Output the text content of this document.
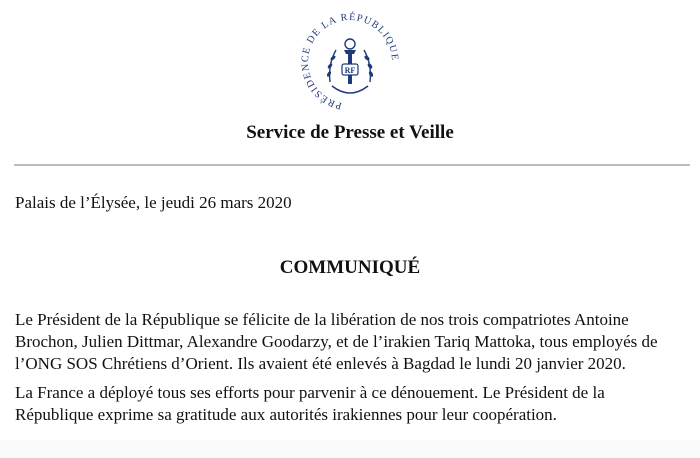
PRÉSIDENCE DE LA RÉPUBLIQUE
RF
Service de Presse et Veille
Palais de l’Élysée, le jeudi 26 mars 2020
COMMUNIQUÉ
Le Président de la République se félicite de la libération de nos trois compatriotes Antoine Brochon, Julien Dittmar, Alexandre Goodarzy, et de l’irakien Tariq Mattoka, tous employés de l’ONG SOS Chrétiens d’Orient. Ils avaient été enlevés à Bagdad le lundi 20 janvier 2020.
La France a déployé tous ses efforts pour parvenir à ce dénouement. Le Président de la République exprime sa gratitude aux autorités irakiennes pour leur coopération.
